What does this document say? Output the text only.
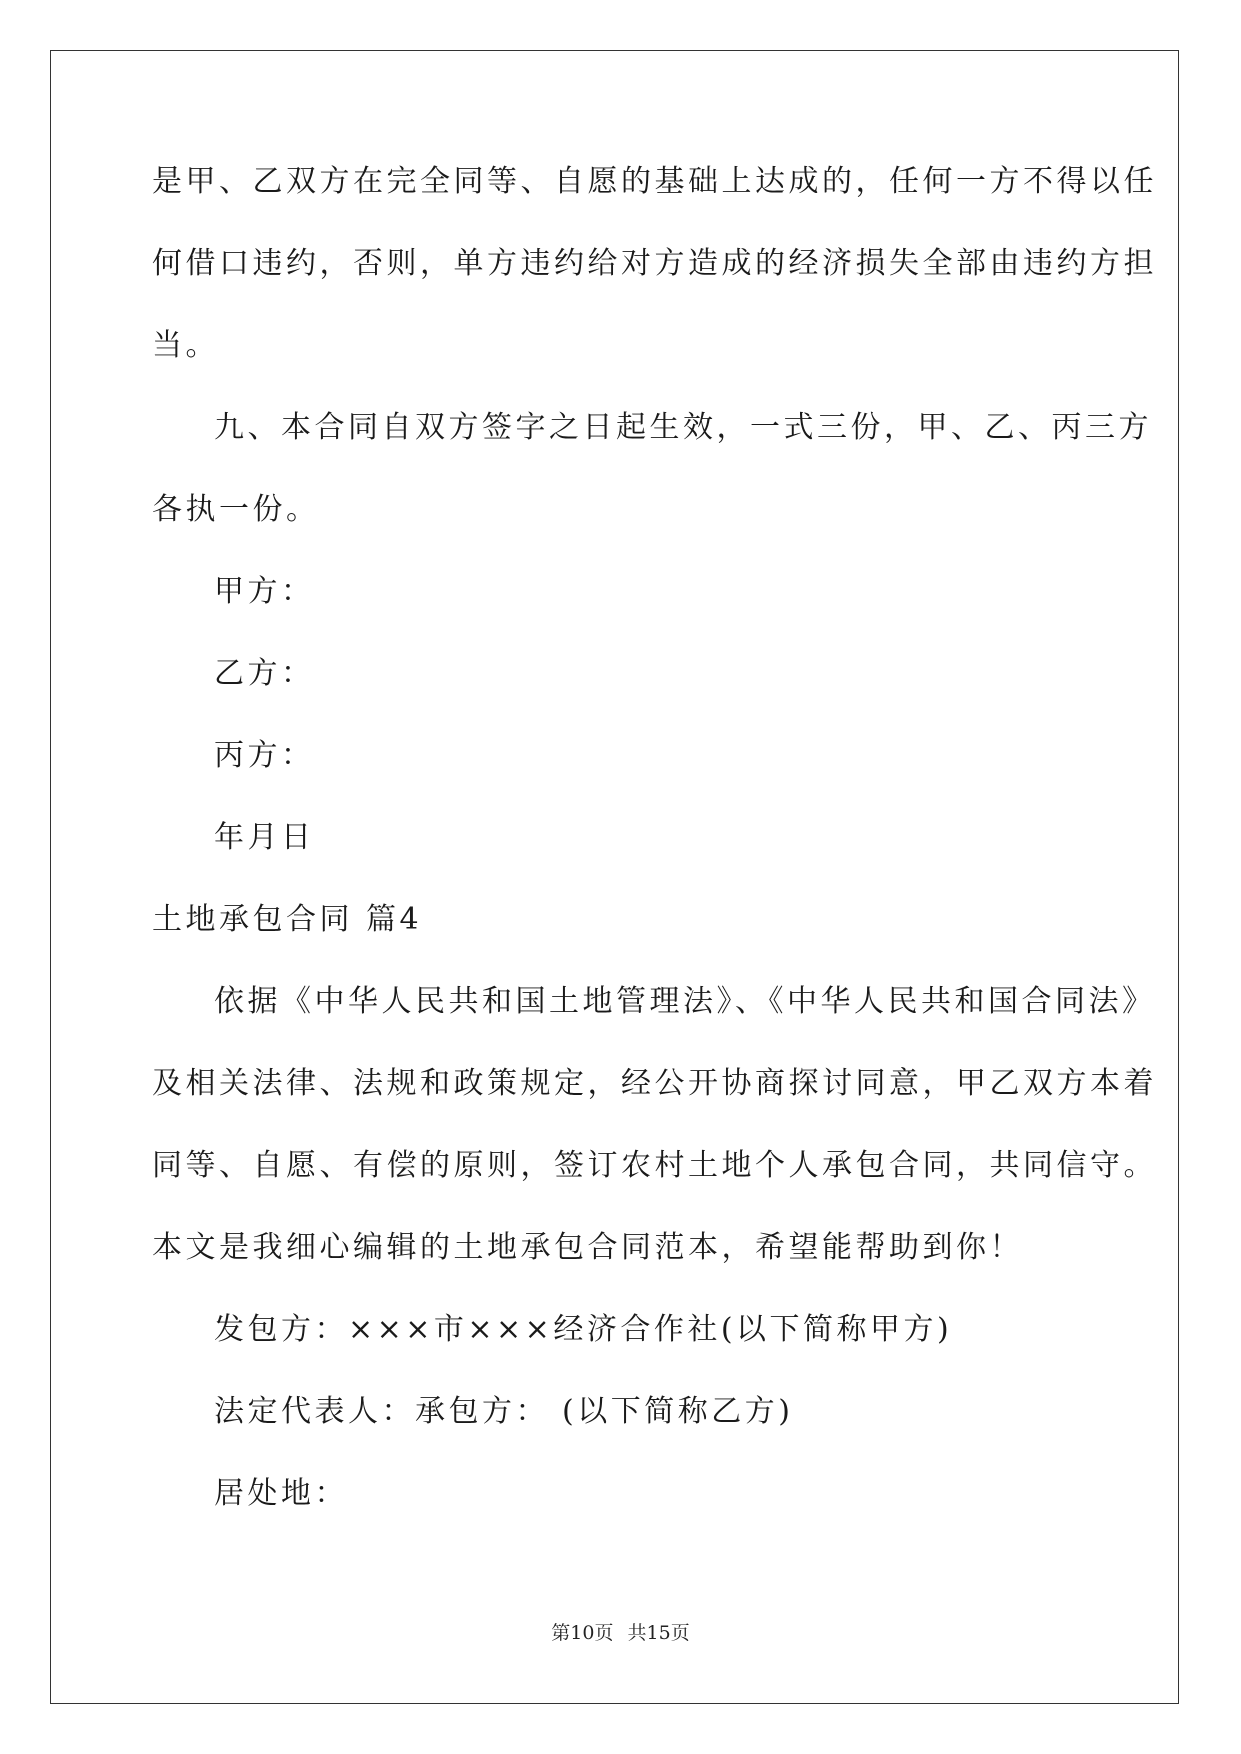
是甲、乙双方在完全同等、自愿的基础上达成的，任何一方不得以任
何借口违约，否则，单方违约给对方造成的经济损失全部由违约方担
当。
九、本合同自双方签字之日起生效，一式三份，甲、乙、丙三方
各执一份。
甲方：
乙方：
丙方：
年月日
土地承包合同 篇4
依据《中华人民共和国土地管理法》、《中华人民共和国合同法》
及相关法律、法规和政策规定，经公开协商探讨同意，甲乙双方本着
同等、自愿、有偿的原则，签订农村土地个人承包合同，共同信守。
本文是我细心编辑的土地承包合同范本，希望能帮助到你！
发包方：×××市×××经济合作社(以下简称甲方)
法定代表人：承包方： (以下简称乙方)
居处地：
第10页 共15页
